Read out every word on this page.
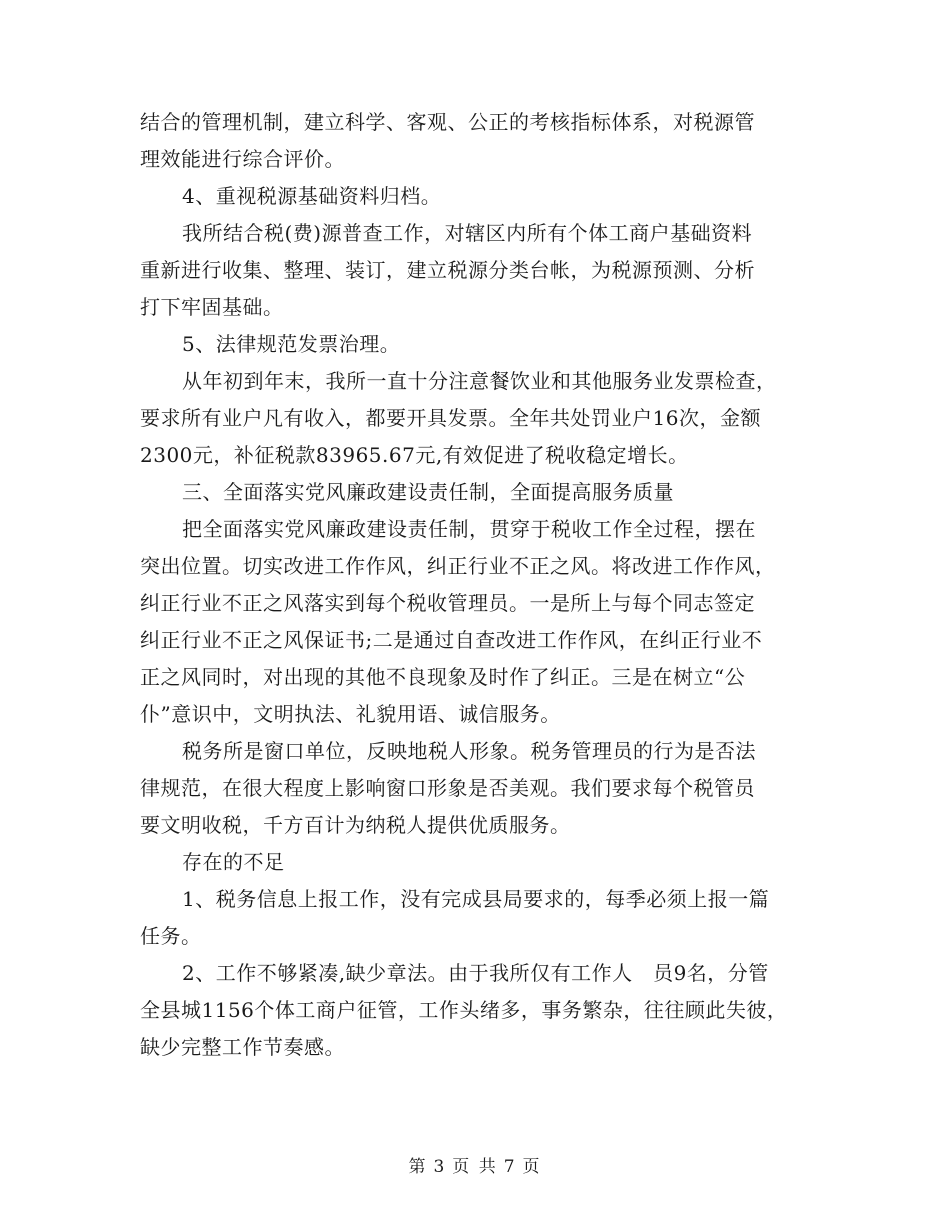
结合的管理机制，建立科学、客观、公正的考核指标体系，对税源管
理效能进行综合评价。
4、重视税源基础资料归档。
我所结合税(费)源普查工作，对辖区内所有个体工商户基础资料
重新进行收集、整理、装订，建立税源分类台帐，为税源预测、分析
打下牢固基础。
5、法律规范发票治理。
从年初到年末，我所一直十分注意餐饮业和其他服务业发票检查，
要求所有业户凡有收入，都要开具发票。全年共处罚业户16次，金额
2300元，补征税款83965.67元,有效促进了税收稳定增长。
三、全面落实党风廉政建设责任制，全面提高服务质量
把全面落实党风廉政建设责任制，贯穿于税收工作全过程，摆在
突出位置。切实改进工作作风，纠正行业不正之风。将改进工作作风，
纠正行业不正之风落实到每个税收管理员。一是所上与每个同志签定
纠正行业不正之风保证书;二是通过自查改进工作作风，在纠正行业不
正之风同时，对出现的其他不良现象及时作了纠正。三是在树立“公
仆”意识中，文明执法、礼貌用语、诚信服务。
税务所是窗口单位，反映地税人形象。税务管理员的行为是否法
律规范，在很大程度上影响窗口形象是否美观。我们要求每个税管员
要文明收税，千方百计为纳税人提供优质服务。
存在的不足
1、税务信息上报工作，没有完成县局要求的，每季必须上报一篇
任务。
2、工作不够紧凑,缺少章法。由于我所仅有工作人　员9名，分管
全县城1156个体工商户征管，工作头绪多，事务繁杂，往往顾此失彼，
缺少完整工作节奏感。
第 3 页 共 7 页
